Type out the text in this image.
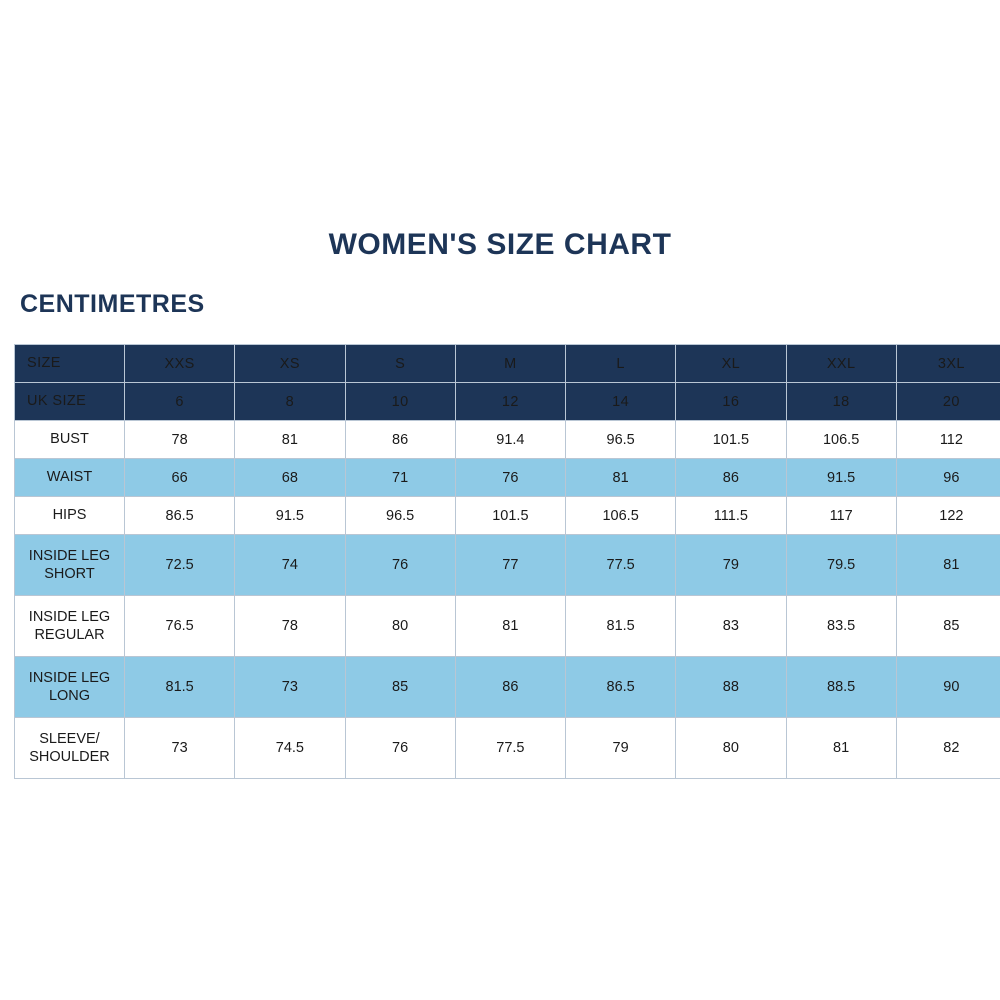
WOMEN'S SIZE CHART
CENTIMETRES
SIZE	XXS	XS	S	M	L	XL	XXL	3XL
UK SIZE	6	8	10	12	14	16	18	20
BUST	78	81	86	91.4	96.5	101.5	106.5	112
WAIST	66	68	71	76	81	86	91.5	96
HIPS	86.5	91.5	96.5	101.5	106.5	111.5	117	122
INSIDE LEG SHORT	72.5	74	76	77	77.5	79	79.5	81
INSIDE LEG REGULAR	76.5	78	80	81	81.5	83	83.5	85
INSIDE LEG LONG	81.5	73	85	86	86.5	88	88.5	90
SLEEVE/ SHOULDER	73	74.5	76	77.5	79	80	81	82
